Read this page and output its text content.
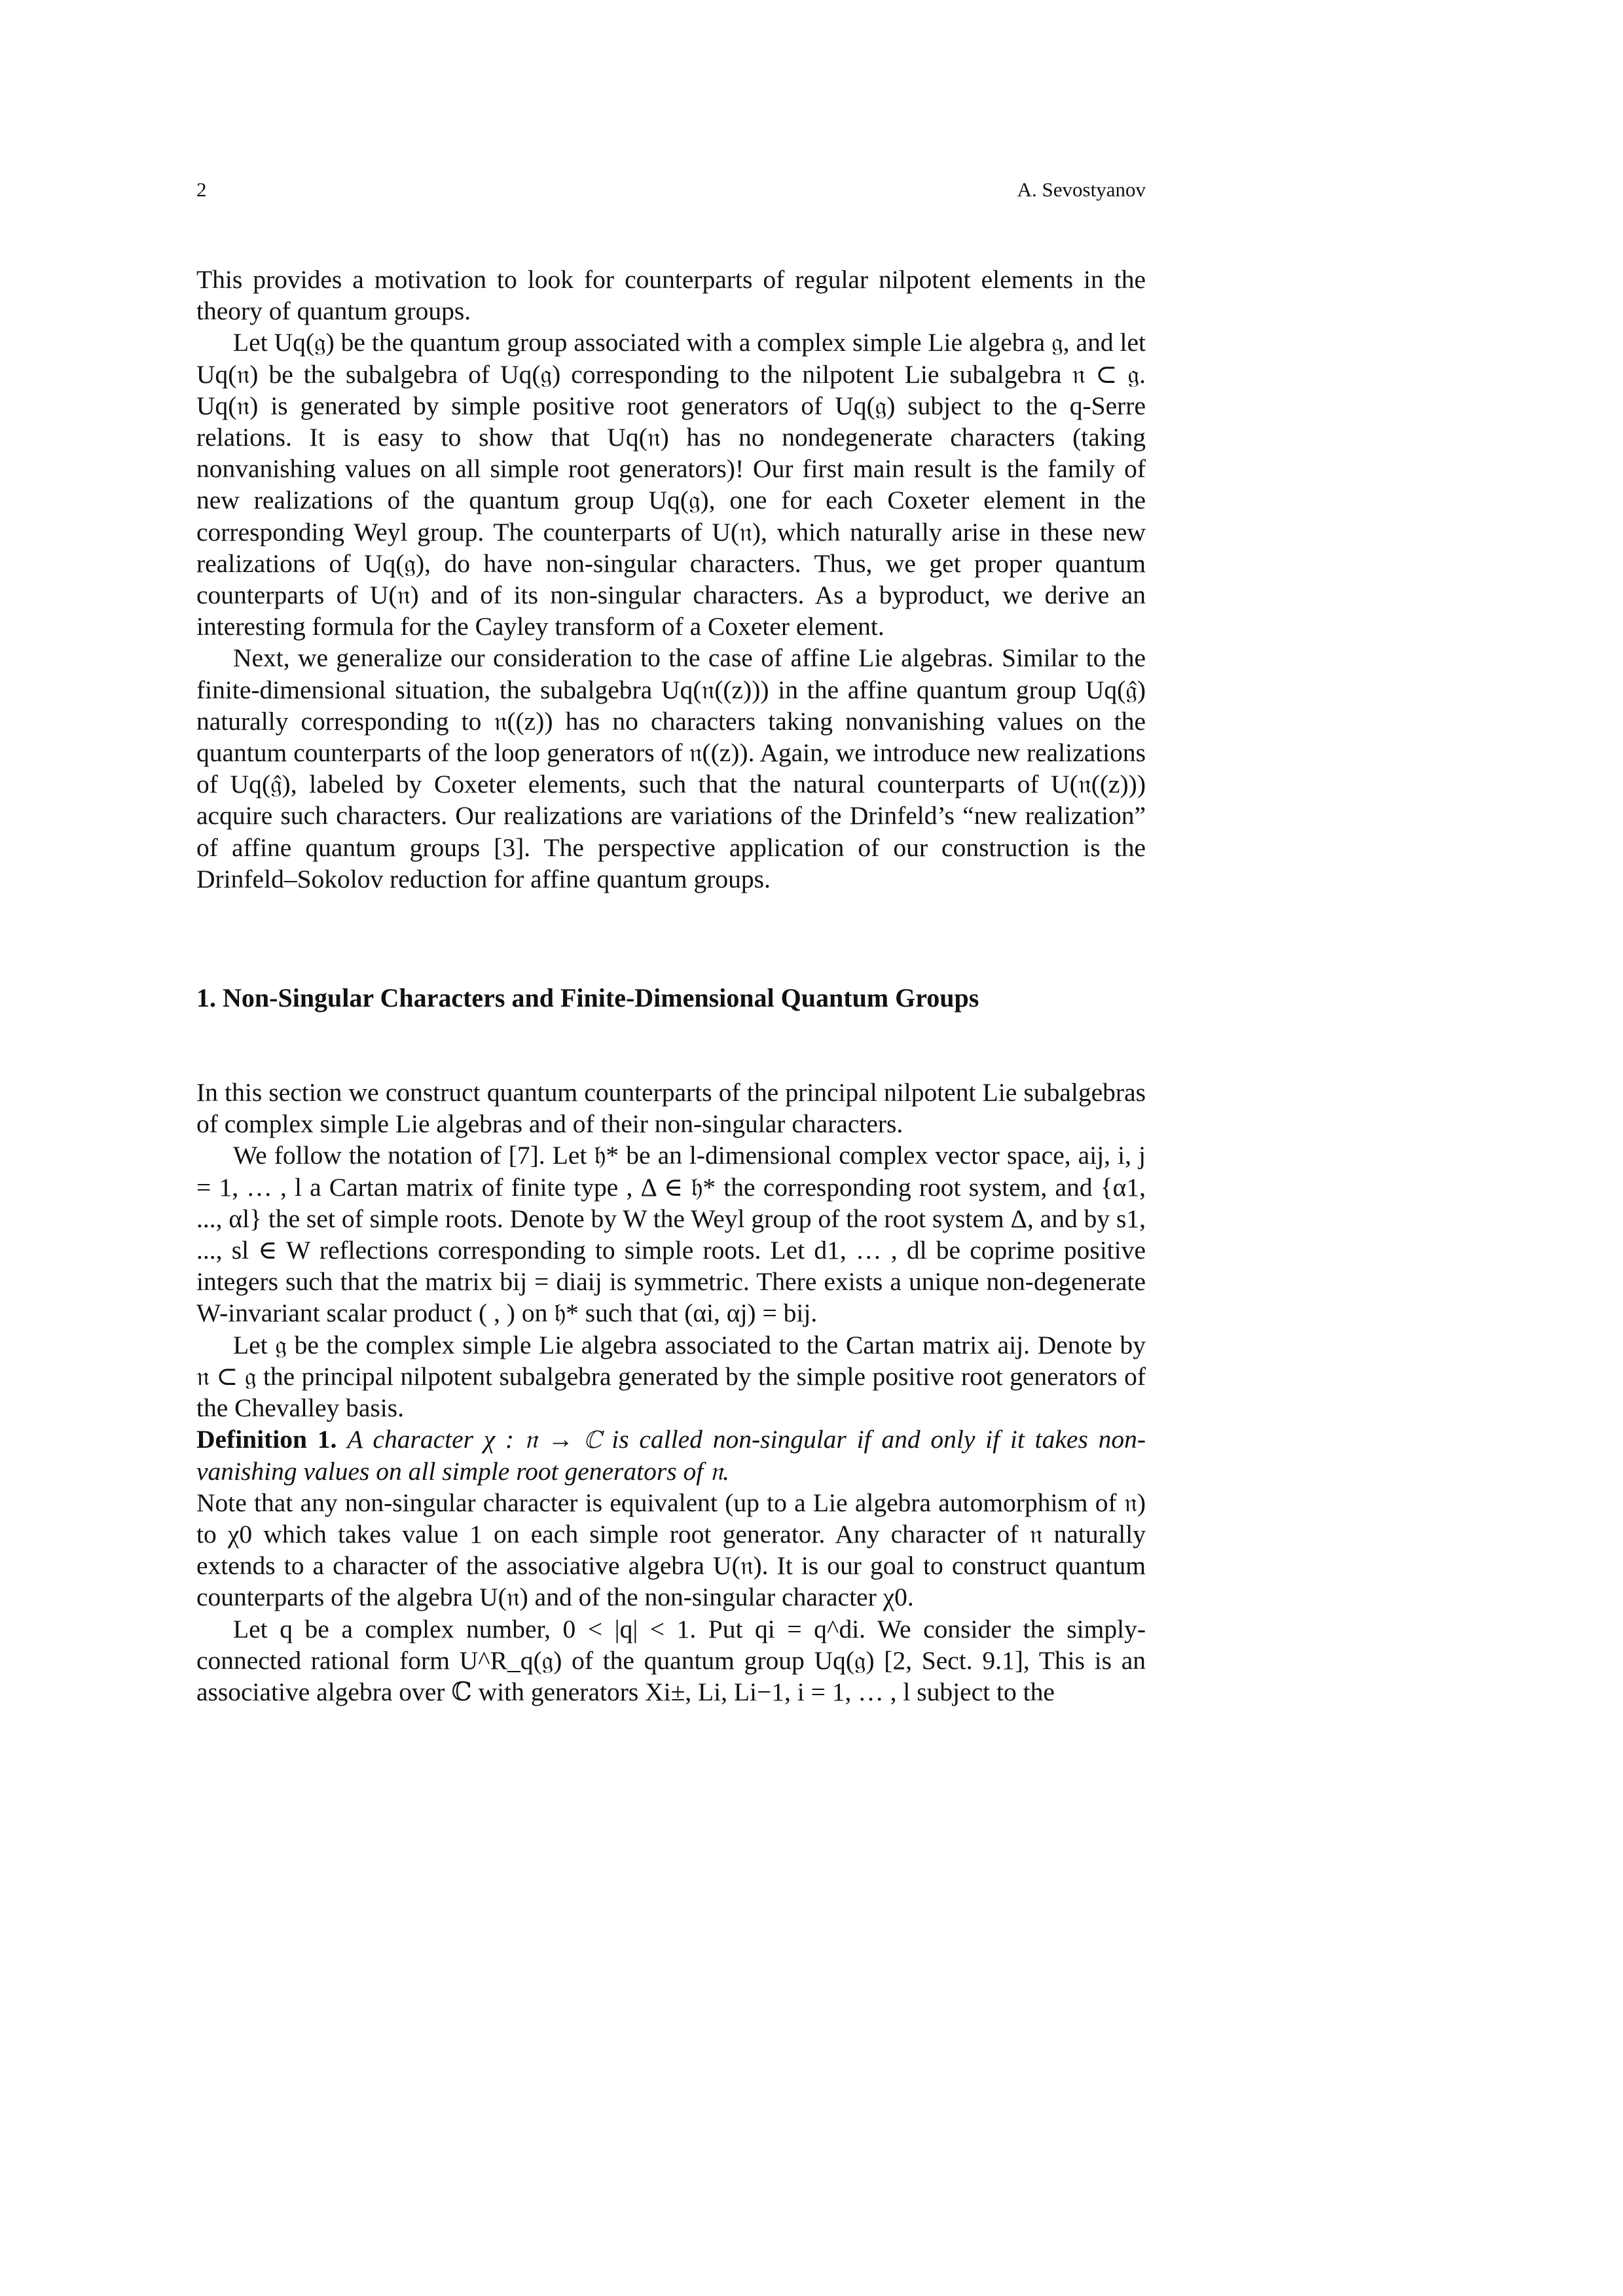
2	A. Sevostyanov

This provides a motivation to look for counterparts of regular nilpotent elements in the theory of quantum groups.

Let Uq(𝔤) be the quantum group associated with a complex simple Lie algebra 𝔤, and let Uq(𝔫) be the subalgebra of Uq(𝔤) corresponding to the nilpotent Lie subalgebra 𝔫 ⊂ 𝔤. Uq(𝔫) is generated by simple positive root generators of Uq(𝔤) subject to the q-Serre relations. It is easy to show that Uq(𝔫) has no nondegenerate characters (taking nonvanishing values on all simple root generators)! Our first main result is the family of new realizations of the quantum group Uq(𝔤), one for each Coxeter element in the corresponding Weyl group. The counterparts of U(𝔫), which naturally arise in these new realizations of Uq(𝔤), do have non-singular characters. Thus, we get proper quantum counterparts of U(𝔫) and of its non-singular characters. As a byproduct, we derive an interesting formula for the Cayley transform of a Coxeter element.

Next, we generalize our consideration to the case of affine Lie algebras. Similar to the finite-dimensional situation, the subalgebra Uq(𝔫((z))) in the affine quantum group Uq(𝔤̂) naturally corresponding to 𝔫((z)) has no characters taking nonvanishing values on the quantum counterparts of the loop generators of 𝔫((z)). Again, we introduce new realizations of Uq(𝔤̂), labeled by Coxeter elements, such that the natural counterparts of U(𝔫((z))) acquire such characters. Our realizations are variations of the Drinfeld’s “new realization” of affine quantum groups [3]. The perspective application of our construction is the Drinfeld–Sokolov reduction for affine quantum groups.

1. Non-Singular Characters and Finite-Dimensional Quantum Groups

In this section we construct quantum counterparts of the principal nilpotent Lie subalgebras of complex simple Lie algebras and of their non-singular characters.

We follow the notation of [7]. Let 𝔥* be an l-dimensional complex vector space, aij, i, j = 1, … , l a Cartan matrix of finite type , Δ ∈ 𝔥* the corresponding root system, and {α1, ..., αl} the set of simple roots. Denote by W the Weyl group of the root system Δ, and by s1, ..., sl ∈ W reflections corresponding to simple roots. Let d1, … , dl be coprime positive integers such that the matrix bij = diaij is symmetric. There exists a unique non-degenerate W-invariant scalar product ( , ) on 𝔥* such that (αi, αj) = bij.

Let 𝔤 be the complex simple Lie algebra associated to the Cartan matrix aij. Denote by 𝔫 ⊂ 𝔤 the principal nilpotent subalgebra generated by the simple positive root generators of the Chevalley basis.

Definition 1. A character χ : 𝔫 → ℂ is called non-singular if and only if it takes non-vanishing values on all simple root generators of 𝔫.

Note that any non-singular character is equivalent (up to a Lie algebra automorphism of 𝔫) to χ0 which takes value 1 on each simple root generator. Any character of 𝔫 naturally extends to a character of the associative algebra U(𝔫). It is our goal to construct quantum counterparts of the algebra U(𝔫) and of the non-singular character χ0.

Let q be a complex number, 0 < |q| < 1. Put qi = q^di. We consider the simply-connected rational form U^R_q(𝔤) of the quantum group Uq(𝔤) [2, Sect. 9.1], This is an associative algebra over ℂ with generators Xi±, Li, Li−1, i = 1, … , l subject to the
